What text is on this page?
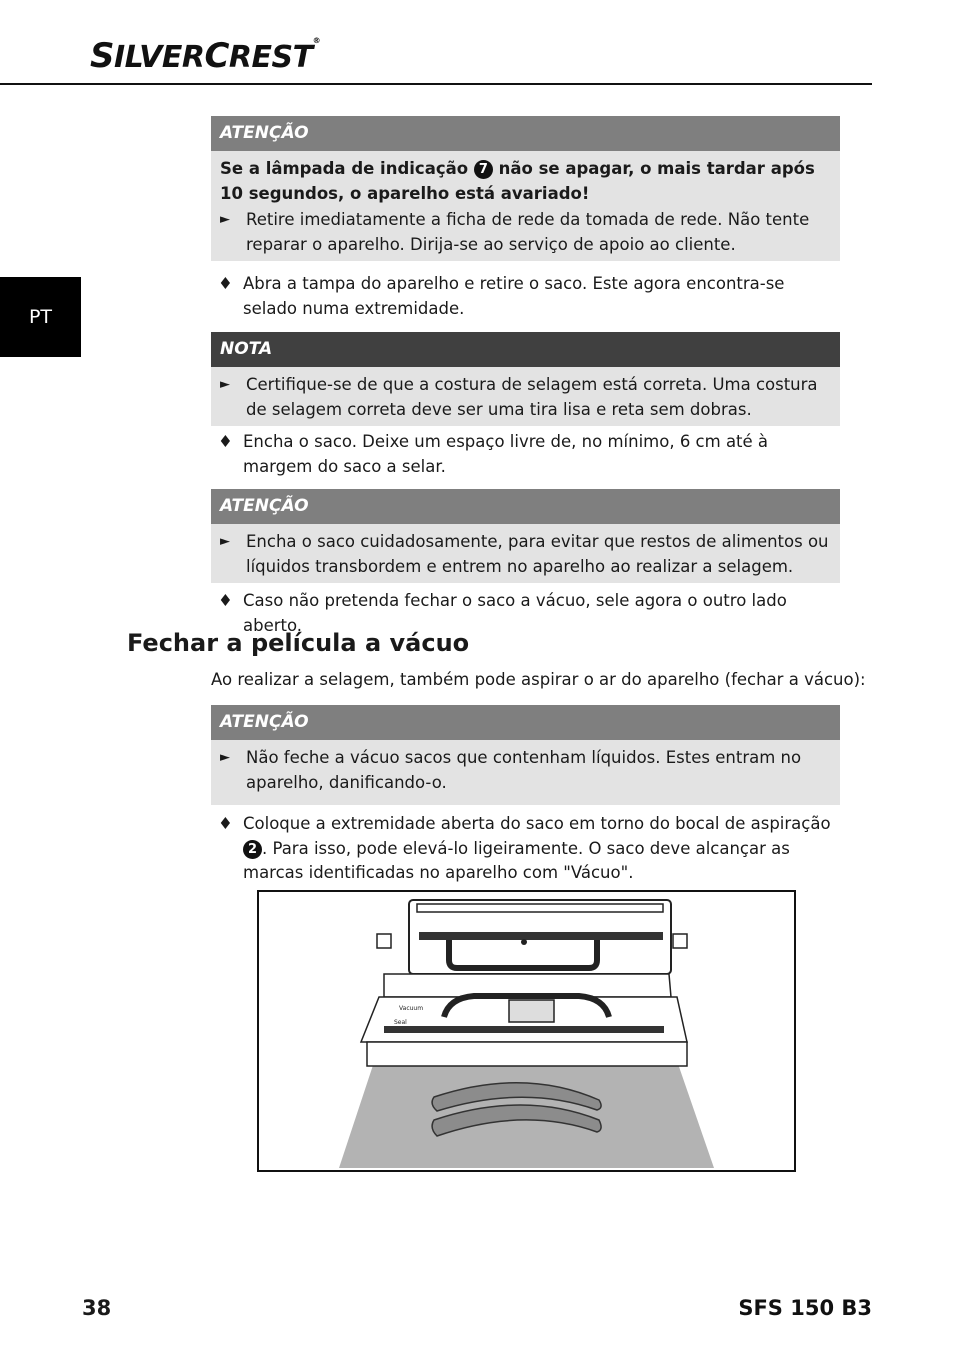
SILVERCREST®
PT
ATENÇÃO
Se a lâmpada de indicação 7 não se apagar, o mais tardar após 10 segundos, o aparelho está avariado!
► Retire imediatamente a ficha de rede da tomada de rede. Não tente reparar o aparelho. Dirija-se ao serviço de apoio ao cliente.
♦ Abra a tampa do aparelho e retire o saco. Este agora encontra-se selado numa extremidade.
NOTA
► Certifique-se de que a costura de selagem está correta. Uma costura de selagem correta deve ser uma tira lisa e reta sem dobras.
♦ Encha o saco. Deixe um espaço livre de, no mínimo, 6 cm até à margem do saco a selar.
ATENÇÃO
► Encha o saco cuidadosamente, para evitar que restos de alimentos ou líquidos transbordem e entrem no aparelho ao realizar a selagem.
♦ Caso não pretenda fechar o saco a vácuo, sele agora o outro lado aberto.
Fechar a película a vácuo
Ao realizar a selagem, também pode aspirar o ar do aparelho (fechar a vácuo):
ATENÇÃO
► Não feche a vácuo sacos que contenham líquidos. Estes entram no aparelho, danificando-o.
♦ Coloque a extremidade aberta do saco em torno do bocal de aspiração 2 . Para isso, pode elevá-lo ligeiramente. O saco deve alcançar as marcas identificadas no aparelho com "Vácuo".
Vacuum
Seal
38	SFS 150 B3
